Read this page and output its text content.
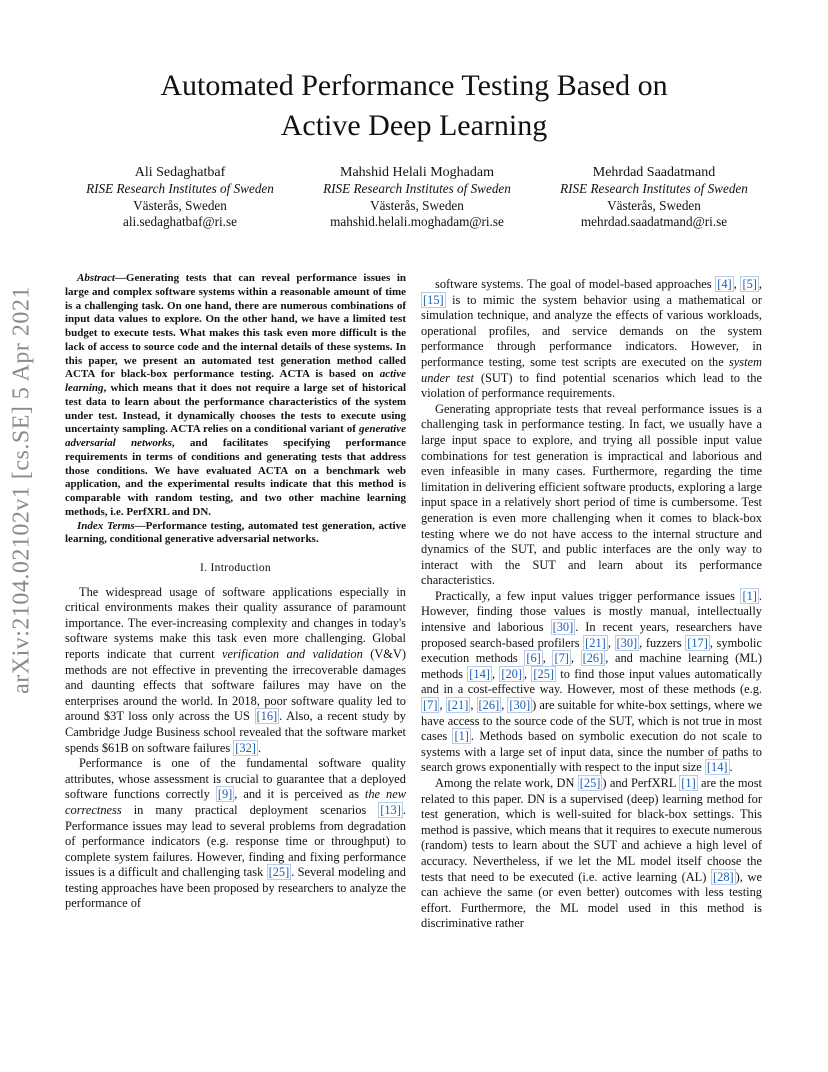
arXiv:2104.02102v1 [cs.SE] 5 Apr 2021
Automated Performance Testing Based on
Active Deep Learning
Ali Sedaghatbaf
RISE Research Institutes of Sweden
Västerås, Sweden
ali.sedaghatbaf@ri.se
Mahshid Helali Moghadam
RISE Research Institutes of Sweden
Västerås, Sweden
mahshid.helali.moghadam@ri.se
Mehrdad Saadatmand
RISE Research Institutes of Sweden
Västerås, Sweden
mehrdad.saadatmand@ri.se

Abstract—Generating tests that can reveal performance issues in large and complex software systems within a reasonable amount of time is a challenging task. On one hand, there are numerous combinations of input data values to explore. On the other hand, we have a limited test budget to execute tests. What makes this task even more difficult is the lack of access to source code and the internal details of these systems. In this paper, we present an automated test generation method called ACTA for black-box performance testing. ACTA is based on active learning, which means that it does not require a large set of historical test data to learn about the performance characteristics of the system under test. Instead, it dynamically chooses the tests to execute using uncertainty sampling. ACTA relies on a conditional variant of generative adversarial networks, and facilitates specifying performance requirements in terms of conditions and generating tests that address those conditions. We have evaluated ACTA on a benchmark web application, and the experimental results indicate that this method is comparable with random testing, and two other machine learning methods, i.e. PerfXRL and DN.

Index Terms—Performance testing, automated test generation, active learning, conditional generative adversarial networks.

I. Introduction

The widespread usage of software applications especially in critical environments makes their quality assurance of paramount importance. The ever-increasing complexity and changes in today's software systems make this task even more challenging. Global reports indicate that current verification and validation (V&V) methods are not effective in preventing the irrecoverable damages and daunting effects that software failures may have on the enterprises around the world. In 2018, poor software quality led to around $3T loss only across the US [16] . Also, a recent study by Cambridge Judge Business school revealed that the software market spends $61B on software failures [32] .

Performance is one of the fundamental software quality attributes, whose assessment is crucial to guarantee that a deployed software functions correctly [9] , and it is perceived as the new correctness in many practical deployment scenarios [13] . Performance issues may lead to several problems from degradation of performance indicators (e.g. response time or throughput) to complete system failures. However, finding and fixing performance issues is a difficult and challenging task [25] . Several modeling and testing approaches have been proposed by researchers to analyze the performance of

software systems. The goal of model-based approaches [4] , [5] , [15] is to mimic the system behavior using a mathematical or simulation technique, and analyze the effects of various workloads, operational profiles, and service demands on the system performance through performance indicators. However, in performance testing, some test scripts are executed on the system under test (SUT) to find potential scenarios which lead to the violation of performance requirements.

Generating appropriate tests that reveal performance issues is a challenging task in performance testing. In fact, we usually have a large input space to explore, and trying all possible input value combinations for test generation is impractical and laborious and even infeasible in many cases. Furthermore, regarding the time limitation in delivering efficient software products, exploring a large input space in a relatively short period of time is cumbersome. Test generation is even more challenging when it comes to black-box testing where we do not have access to the internal structure and dynamics of the SUT, and public interfaces are the only way to interact with the SUT and learn about its performance characteristics.

Practically, a few input values trigger performance issues [1] . However, finding those values is mostly manual, intellectually intensive and laborious [30] . In recent years, researchers have proposed search-based profilers [21] , [30] , fuzzers [17] , symbolic execution methods [6] , [7] , [26] , and machine learning (ML) methods [14] , [20] , [25] to find those input values automatically and in a cost-effective way. However, most of these methods (e.g. [7] , [21] , [26] , [30] ) are suitable for white-box settings, where we have access to the source code of the SUT, which is not true in most cases [1] . Methods based on symbolic execution do not scale to systems with a large set of input data, since the number of paths to search grows exponentially with respect to the input size [14] .

Among the relate work, DN [25] ) and PerfXRL [1] are the most related to this paper. DN is a supervised (deep) learning method for test generation, which is well-suited for black-box settings. This method is passive, which means that it requires to execute numerous (random) tests to learn about the SUT and achieve a high level of accuracy. Nevertheless, if we let the ML model itself choose the tests that need to be executed (i.e. active learning (AL) [28] ), we can achieve the same (or even better) outcomes with less testing effort. Furthermore, the ML model used in this method is discriminative rather
